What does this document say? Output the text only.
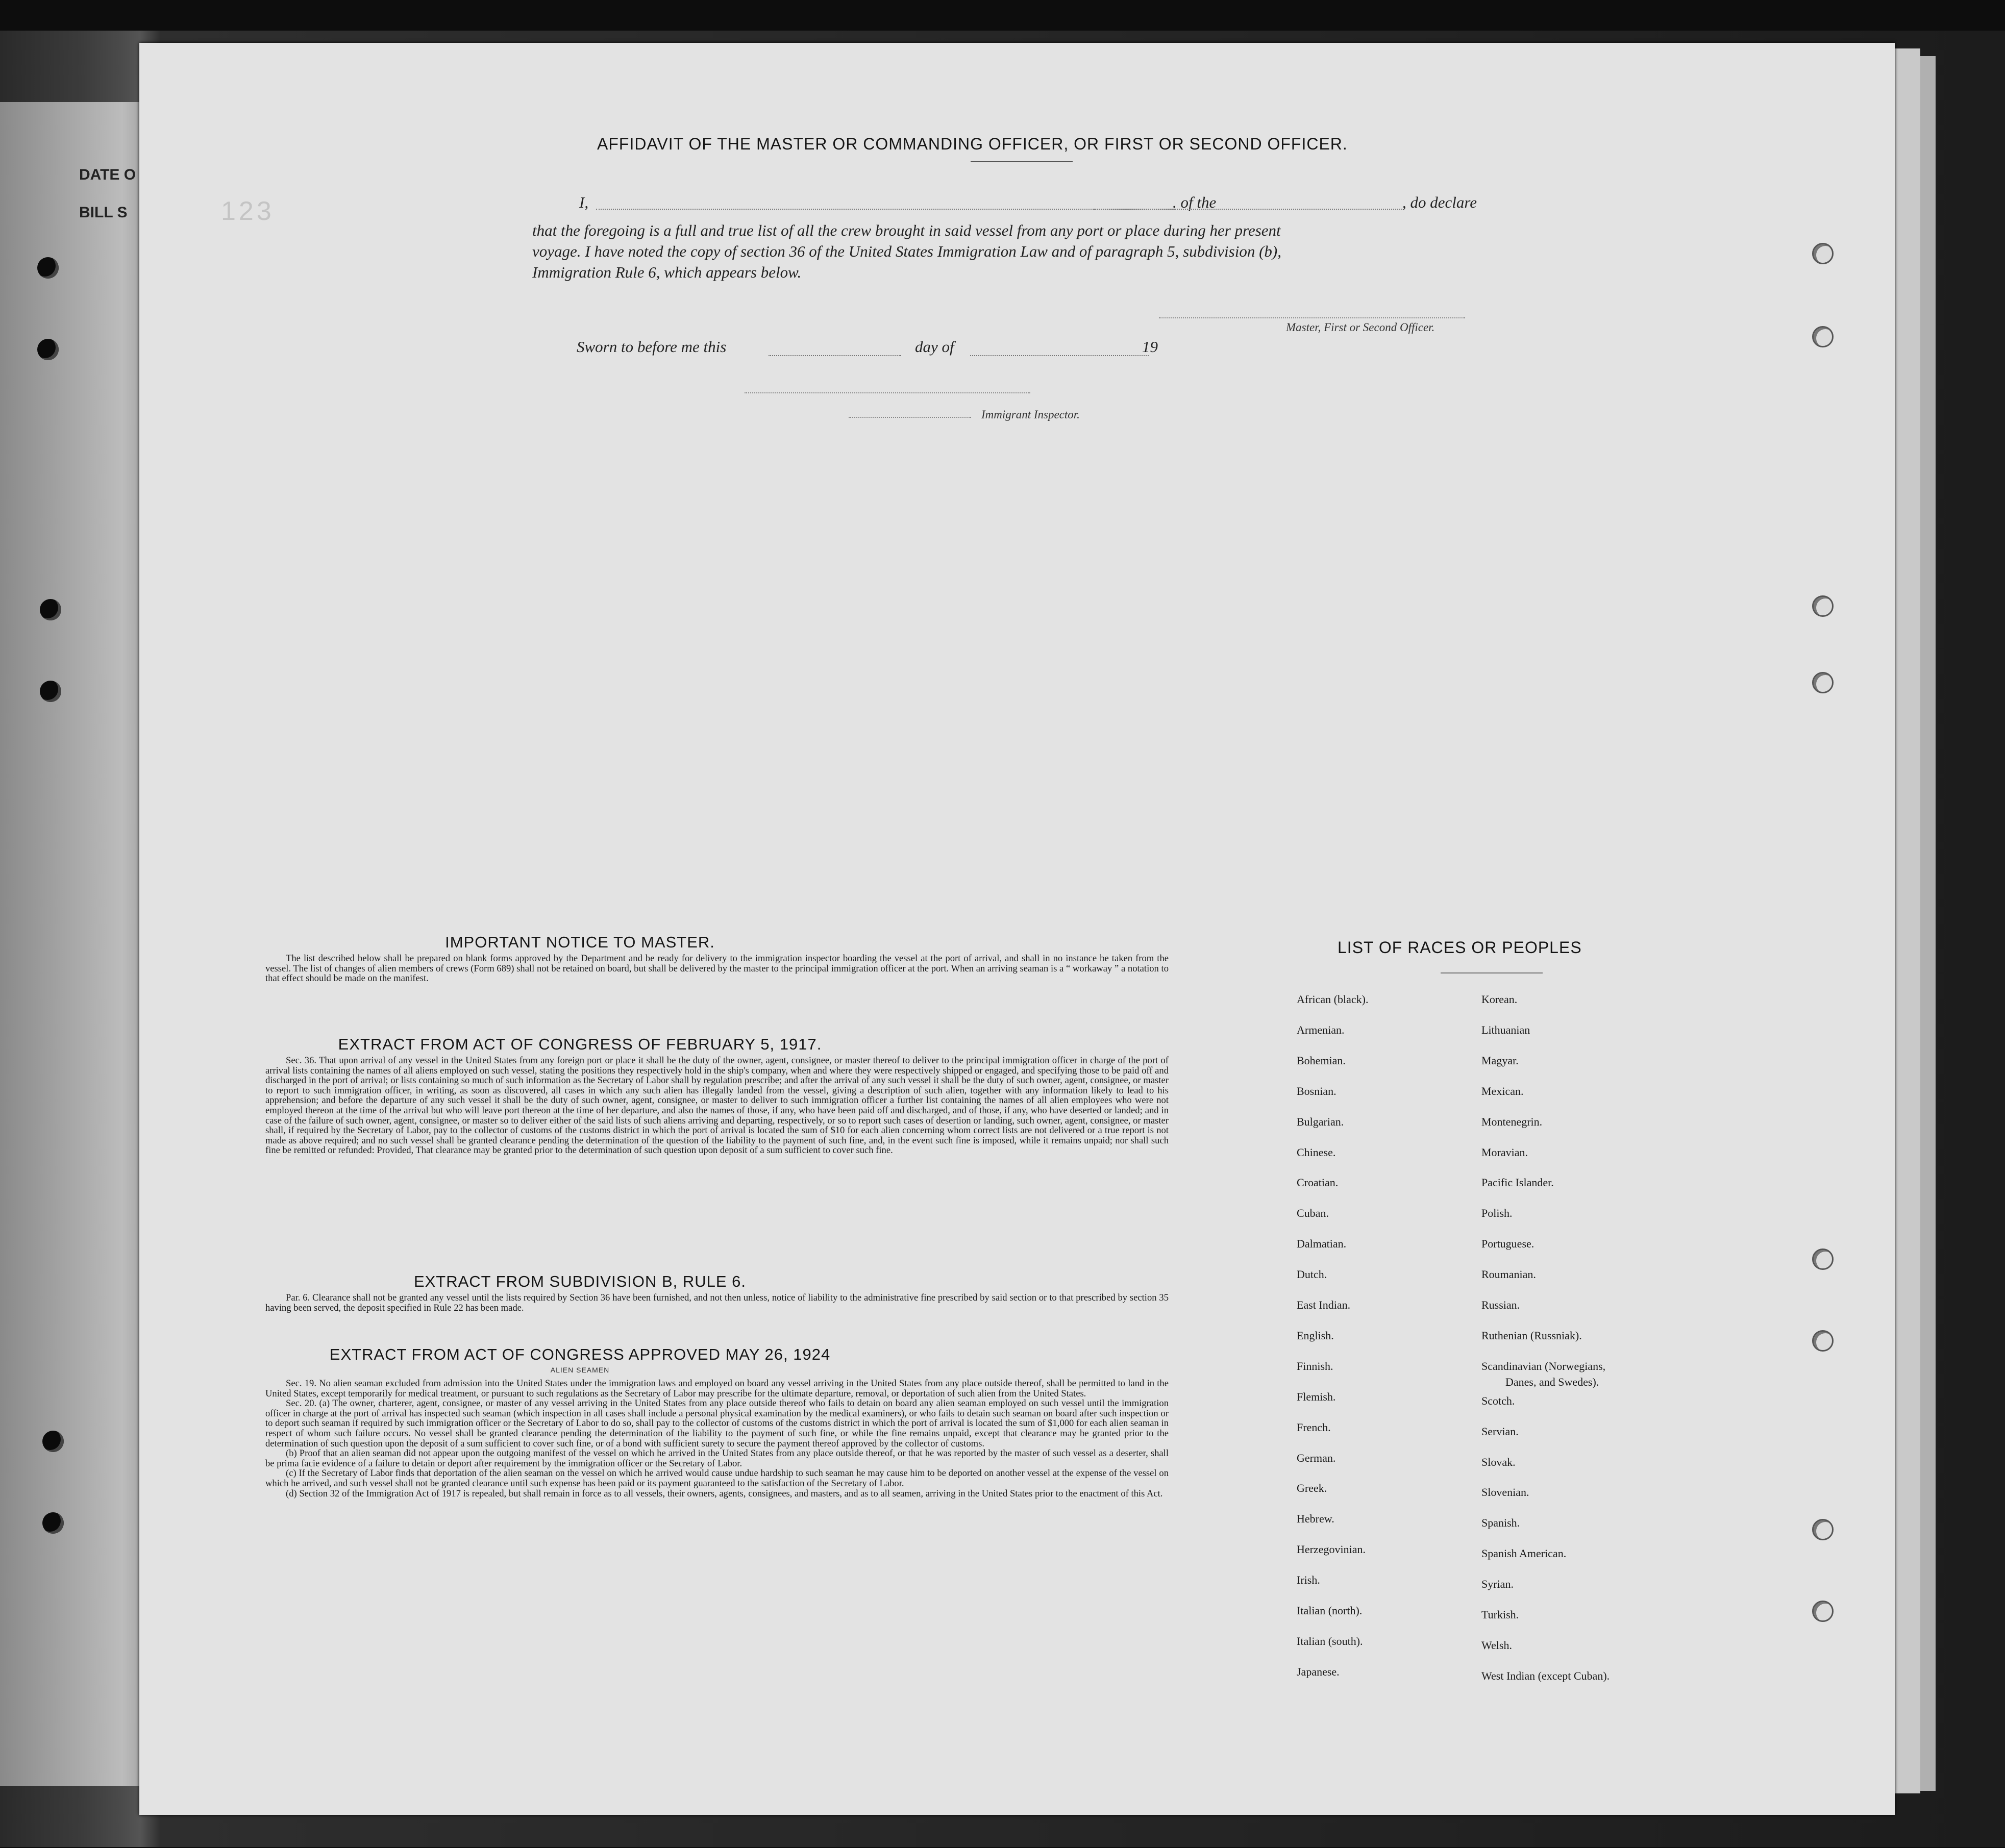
DATE O
BILL S	123
AFFIDAVIT OF THE MASTER OR COMMANDING OFFICER, OR FIRST OR SECOND OFFICER.
I,	. of the	, do declare
that the foregoing is a full and true list of all the crew brought in said vessel from any port or place during her present
voyage. I have noted the copy of section 36 of the United States Immigration Law and of paragraph 5, subdivision (b),
Immigration Rule 6, which appears below.
Master, First or Second Officer.
Sworn to before me this	day of	19
Immigrant Inspector.
IMPORTANT NOTICE TO MASTER.

The list described below shall be prepared on blank forms approved by the Department and be ready for delivery to the immigration inspector boarding the vessel at the port of arrival, and shall in no instance be taken from the vessel. The list of changes of alien members of crews (Form 689) shall not be retained on board, but shall be delivered by the master to the principal immigration officer at the port. When an arriving seaman is a “ workaway ” a notation to that effect should be made on the manifest.

EXTRACT FROM ACT OF CONGRESS OF FEBRUARY 5, 1917.

Sec. 36. That upon arrival of any vessel in the United States from any foreign port or place it shall be the duty of the owner, agent, consignee, or master thereof to deliver to the principal immigration officer in charge of the port of arrival lists containing the names of all aliens employed on such vessel, stating the positions they respectively hold in the ship's company, when and where they were respectively shipped or engaged, and specifying those to be paid off and discharged in the port of arrival; or lists containing so much of such information as the Secretary of Labor shall by regulation prescribe; and after the arrival of any such vessel it shall be the duty of such owner, agent, consignee, or master to report to such immigration officer, in writing, as soon as discovered, all cases in which any such alien has illegally landed from the vessel, giving a description of such alien, together with any information likely to lead to his apprehension; and before the departure of any such vessel it shall be the duty of such owner, agent, consignee, or master to deliver to such immigration officer a further list containing the names of all alien employees who were not employed thereon at the time of the arrival but who will leave port thereon at the time of her departure, and also the names of those, if any, who have been paid off and discharged, and of those, if any, who have deserted or landed; and in case of the failure of such owner, agent, consignee, or master so to deliver either of the said lists of such aliens arriving and departing, respectively, or so to report such cases of desertion or landing, such owner, agent, consignee, or master shall, if required by the Secretary of Labor, pay to the collector of customs of the customs district in which the port of arrival is located the sum of $10 for each alien concerning whom correct lists are not delivered or a true report is not made as above required; and no such vessel shall be granted clearance pending the determination of the question of the liability to the payment of such fine, and, in the event such fine is imposed, while it remains unpaid; nor shall such fine be remitted or refunded: Provided, That clearance may be granted prior to the determination of such question upon deposit of a sum sufficient to cover such fine.

EXTRACT FROM SUBDIVISION B, RULE 6.

Par. 6. Clearance shall not be granted any vessel until the lists required by Section 36 have been furnished, and not then unless, notice of liability to the administrative fine prescribed by said section or to that prescribed by section 35 having been served, the deposit specified in Rule 22 has been made.

EXTRACT FROM ACT OF CONGRESS APPROVED MAY 26, 1924
ALIEN SEAMEN

Sec. 19. No alien seaman excluded from admission into the United States under the immigration laws and employed on board any vessel arriving in the United States from any place outside thereof, shall be permitted to land in the United States, except temporarily for medical treatment, or pursuant to such regulations as the Secretary of Labor may prescribe for the ultimate departure, removal, or deportation of such alien from the United States.

Sec. 20. (a) The owner, charterer, agent, consignee, or master of any vessel arriving in the United States from any place outside thereof who fails to detain on board any alien seaman employed on such vessel until the immigration officer in charge at the port of arrival has inspected such seaman (which inspection in all cases shall include a personal physical examination by the medical examiners), or who fails to detain such seaman on board after such inspection or to deport such seaman if required by such immigration officer or the Secretary of Labor to do so, shall pay to the collector of customs of the customs district in which the port of arrival is located the sum of $1,000 for each alien seaman in respect of whom such failure occurs. No vessel shall be granted clearance pending the determination of the liability to the payment of such fine, or while the fine remains unpaid, except that clearance may be granted prior to the determination of such question upon the deposit of a sum sufficient to cover such fine, or of a bond with sufficient surety to secure the payment thereof approved by the collector of customs.

(b) Proof that an alien seaman did not appear upon the outgoing manifest of the vessel on which he arrived in the United States from any place outside thereof, or that he was reported by the master of such vessel as a deserter, shall be prima facie evidence of a failure to detain or deport after requirement by the immigration officer or the Secretary of Labor.

(c) If the Secretary of Labor finds that deportation of the alien seaman on the vessel on which he arrived would cause undue hardship to such seaman he may cause him to be deported on another vessel at the expense of the vessel on which he arrived, and such vessel shall not be granted clearance until such expense has been paid or its payment guaranteed to the satisfaction of the Secretary of Labor.

(d) Section 32 of the Immigration Act of 1917 is repealed, but shall remain in force as to all vessels, their owners, agents, consignees, and masters, and as to all seamen, arriving in the United States prior to the enactment of this Act.

LIST OF RACES OR PEOPLES
Danes, and Swedes).
African (black).
Armenian.
Bohemian.
Bosnian.
Bulgarian.
Chinese.
Croatian.
Cuban.
Dalmatian.
Dutch.
East Indian.
English.
Finnish.
Flemish.
French.
German.
Greek.
Hebrew.
Herzegovinian.
Irish.
Italian (north).
Italian (south).
Japanese.
Korean.
Lithuanian
Magyar.
Mexican.
Montenegrin.
Moravian.
Pacific Islander.
Polish.
Portuguese.
Roumanian.
Russian.
Ruthenian (Russniak).
Scandinavian (Norwegians,
Scotch.
Servian.
Slovak.
Slovenian.
Spanish.
Spanish American.
Syrian.
Turkish.
Welsh.
West Indian (except Cuban).
